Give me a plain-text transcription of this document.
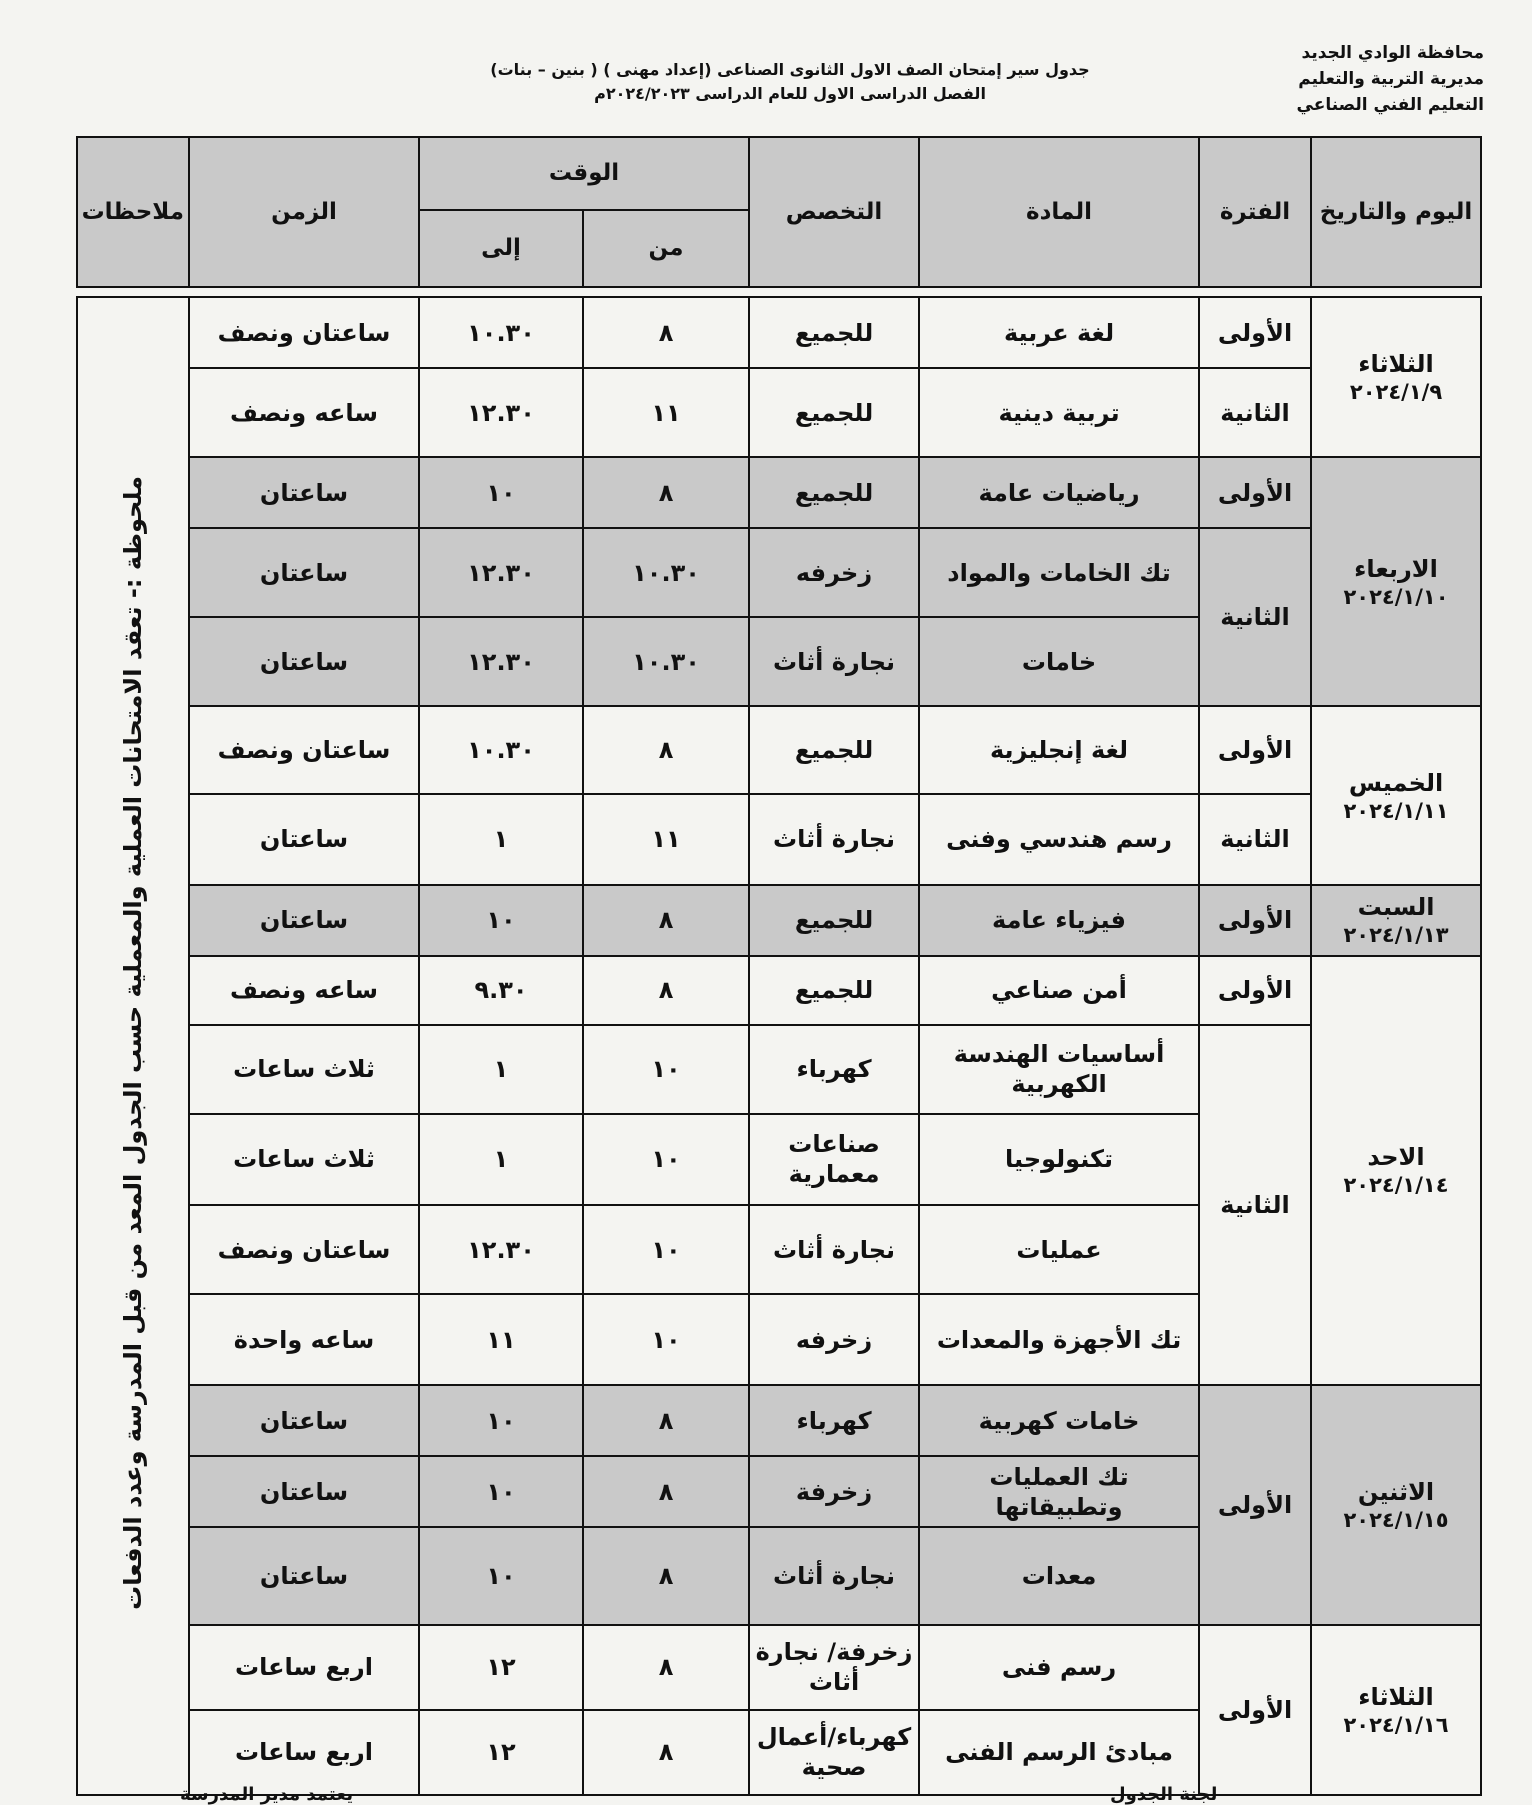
محافظة الوادي الجديد
مديرية التربية والتعليم
التعليم الفني الصناعي
جدول سير إمتحان الصف الاول الثانوى الصناعى (إعداد مهنى ) ( بنين – بنات)
الفصل الدراسى الاول للعام الدراسى ٢٠٢٤/٢٠٢٣م
اليوم والتاريخ	الفترة	المادة	التخصص	الوقت		الزمن	ملاحظات
				من	إلى		

الثلاثاء
٢٠٢٤/١/٩	الأولى	لغة عربية	للجميع	٨	١٠.٣٠	ساعتان ونصف	ملحوظة :- تعقد الامتحانات العملية والمعملية حسب الجدول المعد من قبل المدرسة وعدد الدفعات
	الثانية	تربية دينية	للجميع	١١	١٢.٣٠	ساعه ونصف	

الاربعاء
٢٠٢٤/١/١٠	الأولى	رياضيات عامة	للجميع	٨	١٠	ساعتان	
	الثانية	تك الخامات والمواد	زخرفه	١٠.٣٠	١٢.٣٠	ساعتان	
		خامات	نجارة أثاث	١٠.٣٠	١٢.٣٠	ساعتان	

الخميس
٢٠٢٤/١/١١	الأولى	لغة إنجليزية	للجميع	٨	١٠.٣٠	ساعتان ونصف	
	الثانية	رسم هندسي وفنى	نجارة أثاث	١١	١	ساعتان	

السبت
٢٠٢٤/١/١٣	الأولى	فيزياء عامة	للجميع	٨	١٠	ساعتان	

الاحد
٢٠٢٤/١/١٤	الأولى	أمن صناعي	للجميع	٨	٩.٣٠	ساعه ونصف	
	الثانية	أساسيات الهندسة الكهربية	كهرباء	١٠	١	ثلاث ساعات	
		تكنولوجيا	صناعات معمارية	١٠	١	ثلاث ساعات	
		عمليات	نجارة أثاث	١٠	١٢.٣٠	ساعتان ونصف	
		تك الأجهزة والمعدات	زخرفه	١٠	١١	ساعه واحدة	

الاثنين
٢٠٢٤/١/١٥	الأولى	خامات كهربية	كهرباء	٨	١٠	ساعتان	
		تك العمليات وتطبيقاتها	زخرفة	٨	١٠	ساعتان	
		معدات	نجارة أثاث	٨	١٠	ساعتان	

الثلاثاء
٢٠٢٤/١/١٦	الأولى	رسم فنى	زخرفة/ نجارة أثاث	٨	١٢	اربع ساعات	
		مبادئ الرسم الفنى	كهرباء/أعمال صحية	٨	١٢	اربع ساعات	
يعتمد مدير المدرسة	لجنة الجدول
